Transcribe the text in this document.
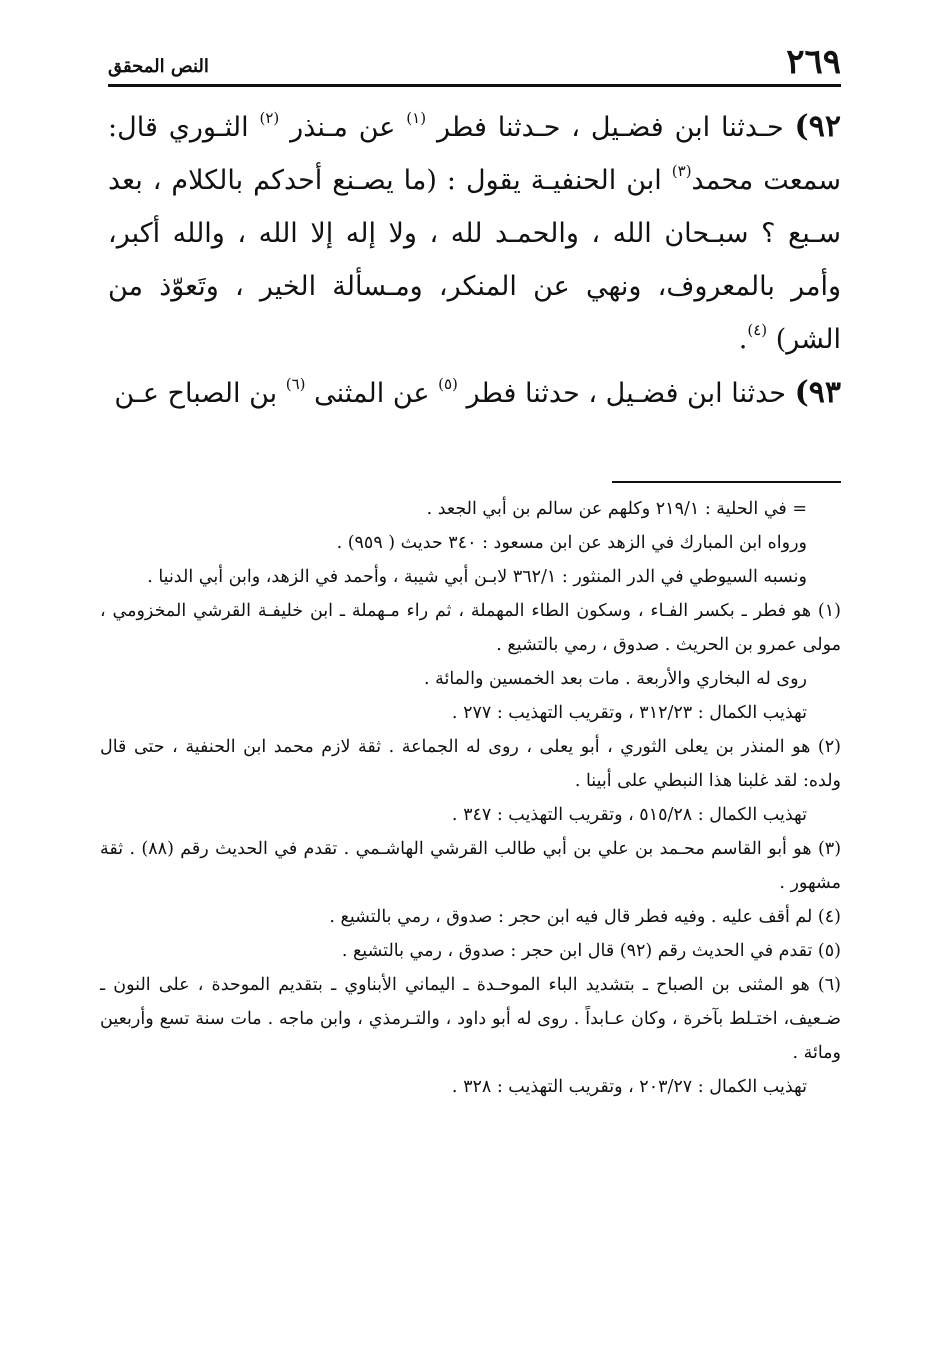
٢٦٩
النص المحقق

٩٢) حـدثنا ابن فضـيل ، حـدثنا فطر $^{(١)}$ عن مـنذر $^{(٢)}$ الثـوري قال: سمعت محمد$^{(٣)}$ ابن الحنفيـة يقول : (ما يصـنع أحدكم بالكلام ، بعد سـبع ؟ سبـحان الله ، والحمـد لله ، ولا إله إلا الله ، والله أكبر، وأمر بالمعروف، ونهي عن المنكر، ومـسألة الخير ، وتَعوّذ من الشر) $^{(٤)}$.

٩٣) حدثنا ابن فضـيل ، حدثنا فطر $^{(٥)}$ عن المثنى $^{(٦)}$ بن الصباح عـن

= في الحلية : ٢١٩/١ وكلهم عن سالم بن أبي الجعد .
ورواه ابن المبارك في الزهد عن ابن مسعود : ٣٤٠ حديث ( ٩٥٩) .
ونسبه السيوطي في الدر المنثور : ٣٦٢/١ لابـن أبي شيبة ، وأحمد في الزهد، وابن أبي الدنيا .
(١) هو فطر ـ بكسر الفـاء ، وسكون الطاء المهملة ، ثم راء مـهملة ـ ابن خليفـة القرشي المخزومي ، مولى عمرو بن الحريث . صدوق ، رمي بالتشيع .
روى له البخاري والأربعة . مات بعد الخمسين والمائة .
تهذيب الكمال : ٣١٢/٢٣ ، وتقريب التهذيب : ٢٧٧ .
(٢) هو المنذر بن يعلى الثوري ، أبو يعلى ، روى له الجماعة . ثقة لازم محمد ابن الحنفية ، حتى قال ولده: لقد غلبنا هذا النبطي على أبينا .
تهذيب الكمال : ٥١٥/٢٨ ، وتقريب التهذيب : ٣٤٧ .
(٣) هو أبو القاسم محـمد بن علي بن أبي طالب القرشي الهاشـمي . تقدم في الحديث رقم (٨٨) . ثقة مشهور .
(٤) لم أقف عليه . وفيه فطر قال فيه ابن حجر : صدوق ، رمي بالتشيع .
(٥) تقدم في الحديث رقم (٩٢) قال ابن حجر : صدوق ، رمي بالتشيع .
(٦) هو المثنى بن الصباح ـ بتشديد الباء الموحـدة ـ اليماني الأبناوي ـ بتقديم الموحدة ، على النون ـ ضـعيف، اختـلط بآخرة ، وكان عـابداً . روى له أبو داود ، والتـرمذي ، وابن ماجه . مات سنة تسع وأربعين ومائة .
تهذيب الكمال : ٢٠٣/٢٧ ، وتقريب التهذيب : ٣٢٨ .
